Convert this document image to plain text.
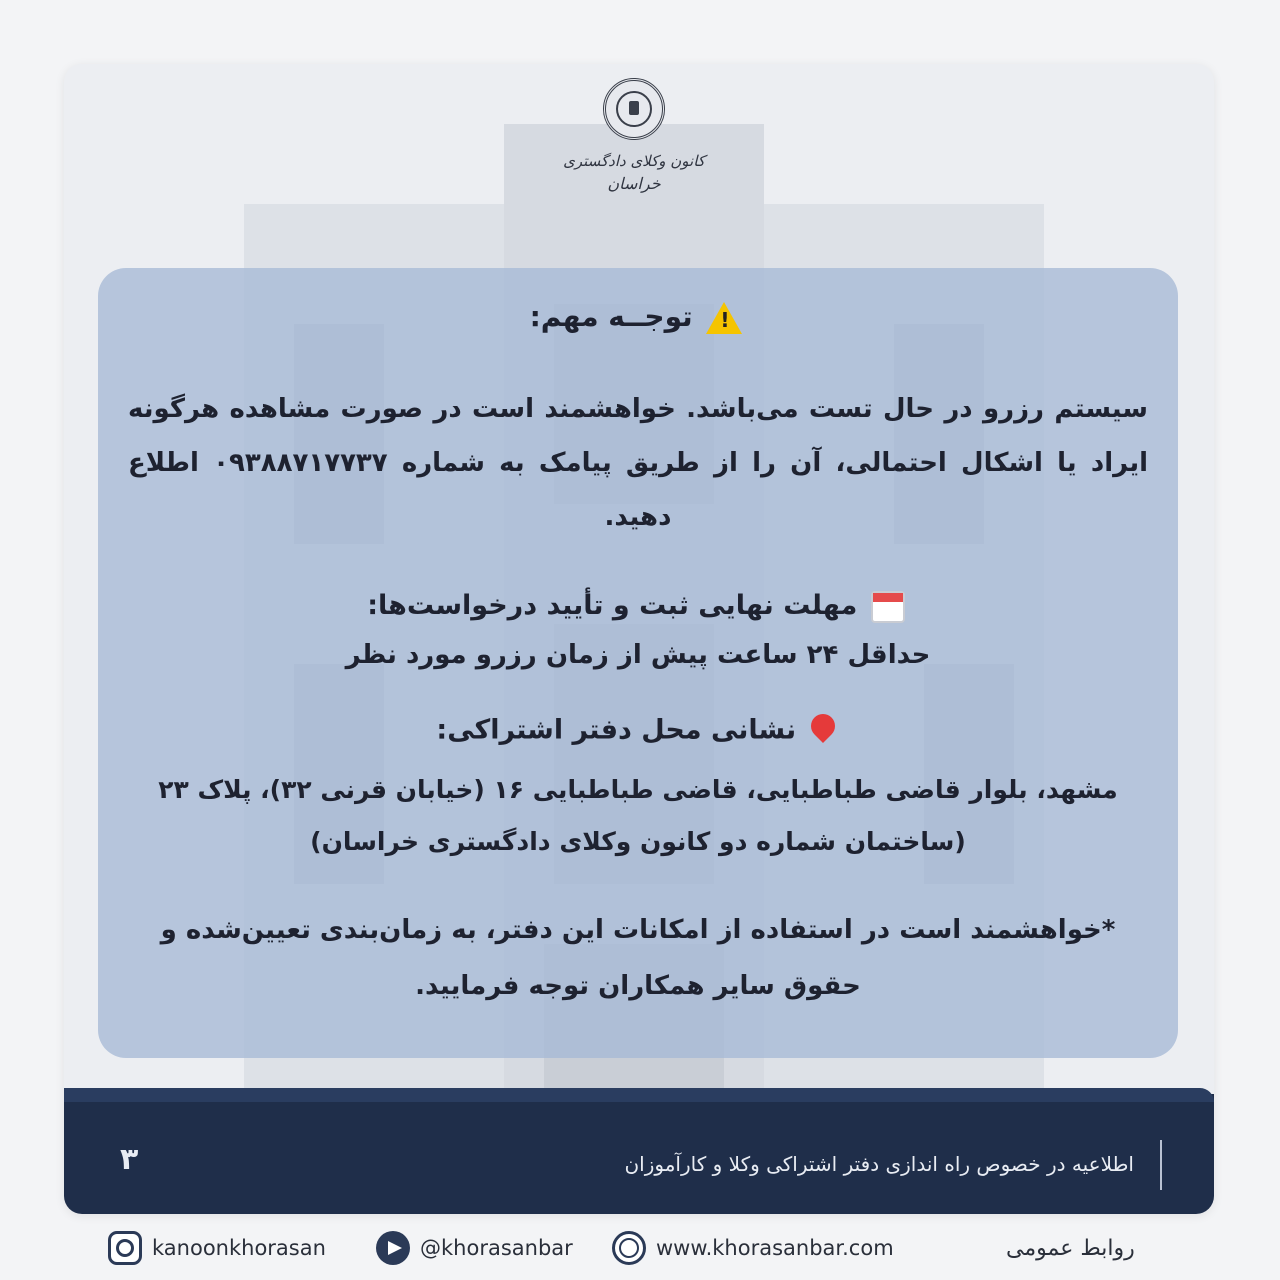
کانون وکلای دادگستری
خراسان
! توجــه مهم:
سیستم رزرو در حال تست می‌باشد. خواهشمند است در صورت مشاهده هرگونه ایراد یا اشکال احتمالی، آن را از طریق پیامک به شماره ۰۹۳۸۸۷۱۷۷۳۷ اطلاع دهید.
مهلت نهایی ثبت و تأیید درخواست‌ها:
حداقل ۲۴ ساعت پیش از زمان رزرو مورد نظر
نشانی محل دفتر اشتراکی:
مشهد، بلوار قاضی طباطبایی، قاضی طباطبایی ۱۶ (خیابان قرنی ۳۲)، پلاک ۲۳ (ساختمان شماره دو کانون وکلای دادگستری خراسان)
*خواهشمند است در استفاده از امکانات این دفتر، به زمان‌بندی تعیین‌شده و حقوق سایر همکاران توجه فرمایید.
اطلاعیه در خصوص راه اندازی دفتر اشتراکی وکلا و کارآموزان
۳
kanoonkhorasan	@khorasanbar	www.khorasanbar.com	روابط عمومی
